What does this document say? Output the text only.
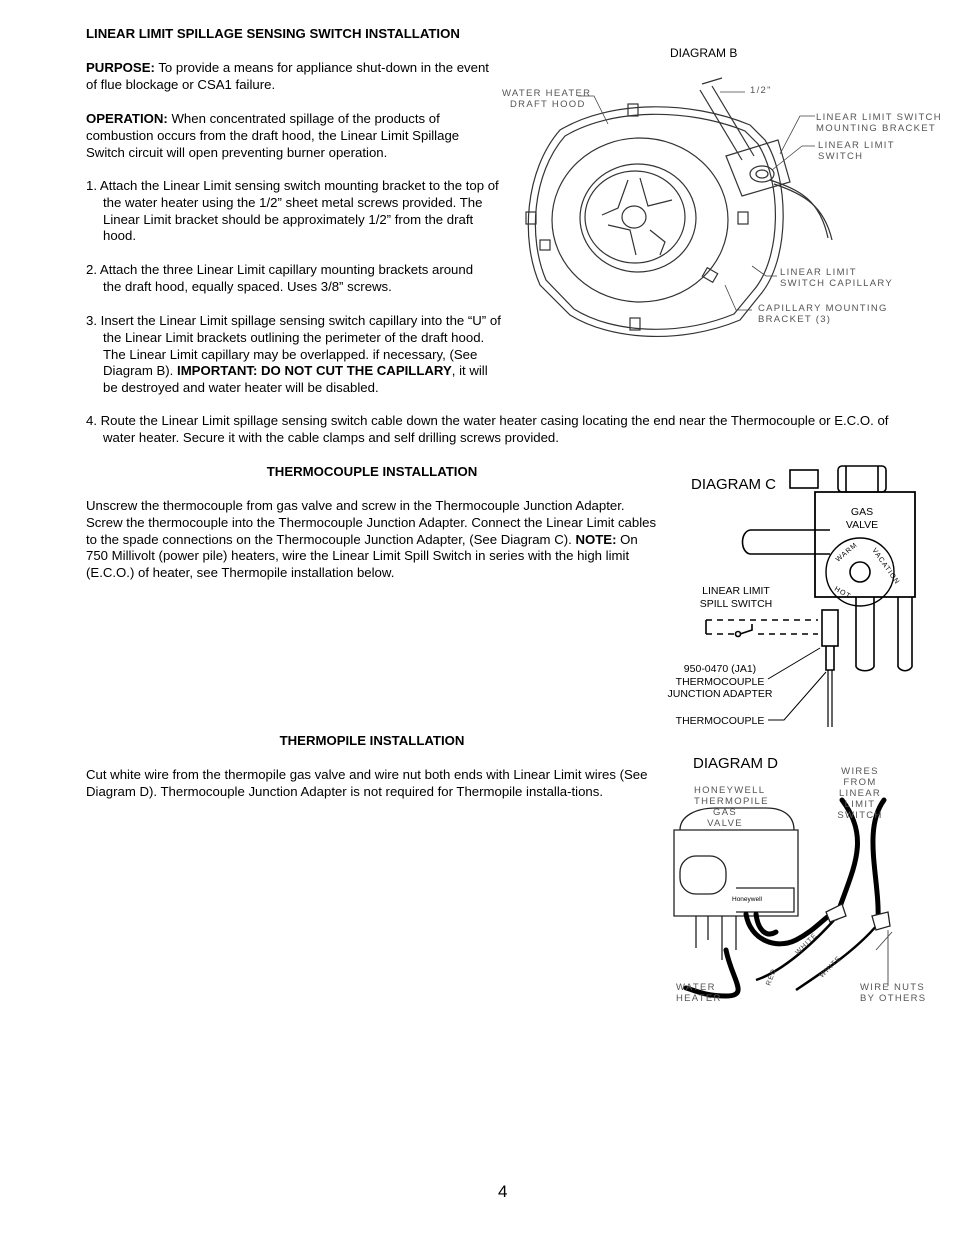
LINEAR LIMIT SPILLAGE SENSING SWITCH INSTALLATION
PURPOSE: To provide a means for appliance shut-down in the event of flue blockage or CSA1 failure.
OPERATION: When concentrated spillage of the products of combustion occurs from the draft hood, the Linear Limit Spillage Switch circuit will open preventing burner operation.
1. Attach the Linear Limit sensing switch mounting bracket to the top of the water heater using the 1/2” sheet metal screws provided. The Linear Limit bracket should be approximately 1/2” from the draft hood.
2. Attach the three Linear Limit capillary mounting brackets around the draft hood, equally spaced. Uses 3/8” screws.
3. Insert the Linear Limit spillage sensing switch capillary into the “U” of the Linear Limit brackets outlining the perimeter of the draft hood. The Linear Limit capillary may be overlapped. if necessary, (See Diagram B). IMPORTANT: DO NOT CUT THE CAPILLARY, it will be destroyed and water heater will be disabled.
4. Route the Linear Limit spillage sensing switch cable down the water heater casing locating the end near the Thermocouple or E.C.O. of water heater. Secure it with the cable clamps and self drilling screws provided.
THERMOCOUPLE INSTALLATION
Unscrew the thermocouple from gas valve and screw in the Thermocouple Junction Adapter. Screw the thermocouple into the Thermocouple Junction Adapter. Connect the Linear Limit cables to the spade connections on the Thermocouple Junction Adapter, (See Diagram C). NOTE: On 750 Millivolt (power pile) heaters, wire the Linear Limit Spill Switch in series with the high limit (E.C.O.) of heater, see Thermopile installation below.
THERMOPILE INSTALLATION
Cut white wire from the thermopile gas valve and wire nut both ends with Linear Limit wires (See Diagram D). Thermocouple Junction Adapter is not required for Thermopile installa-tions.
4
DIAGRAM B
WATER HEATER
DRAFT HOOD
1/2"
LINEAR LIMIT SWITCH
MOUNTING BRACKET
LINEAR LIMIT
SWITCH
LINEAR LIMIT
SWITCH CAPILLARY
CAPILLARY MOUNTING
BRACKET (3)
DIAGRAM C
WARM VACATION
HOT
GAS
VALVE
LINEAR LIMIT
SPILL SWITCH
950-0470 (JA1)
THERMOCOUPLE
JUNCTION ADAPTER
THERMOCOUPLE
DIAGRAM D
Honeywell
RED
WHITE
WHITE
HONEYWELL
THERMOPILE
GAS VALVE
WIRES FROM
LINEAR LIMIT
SWITCH
WATER
HEATER
WIRE NUTS
BY OTHERS
